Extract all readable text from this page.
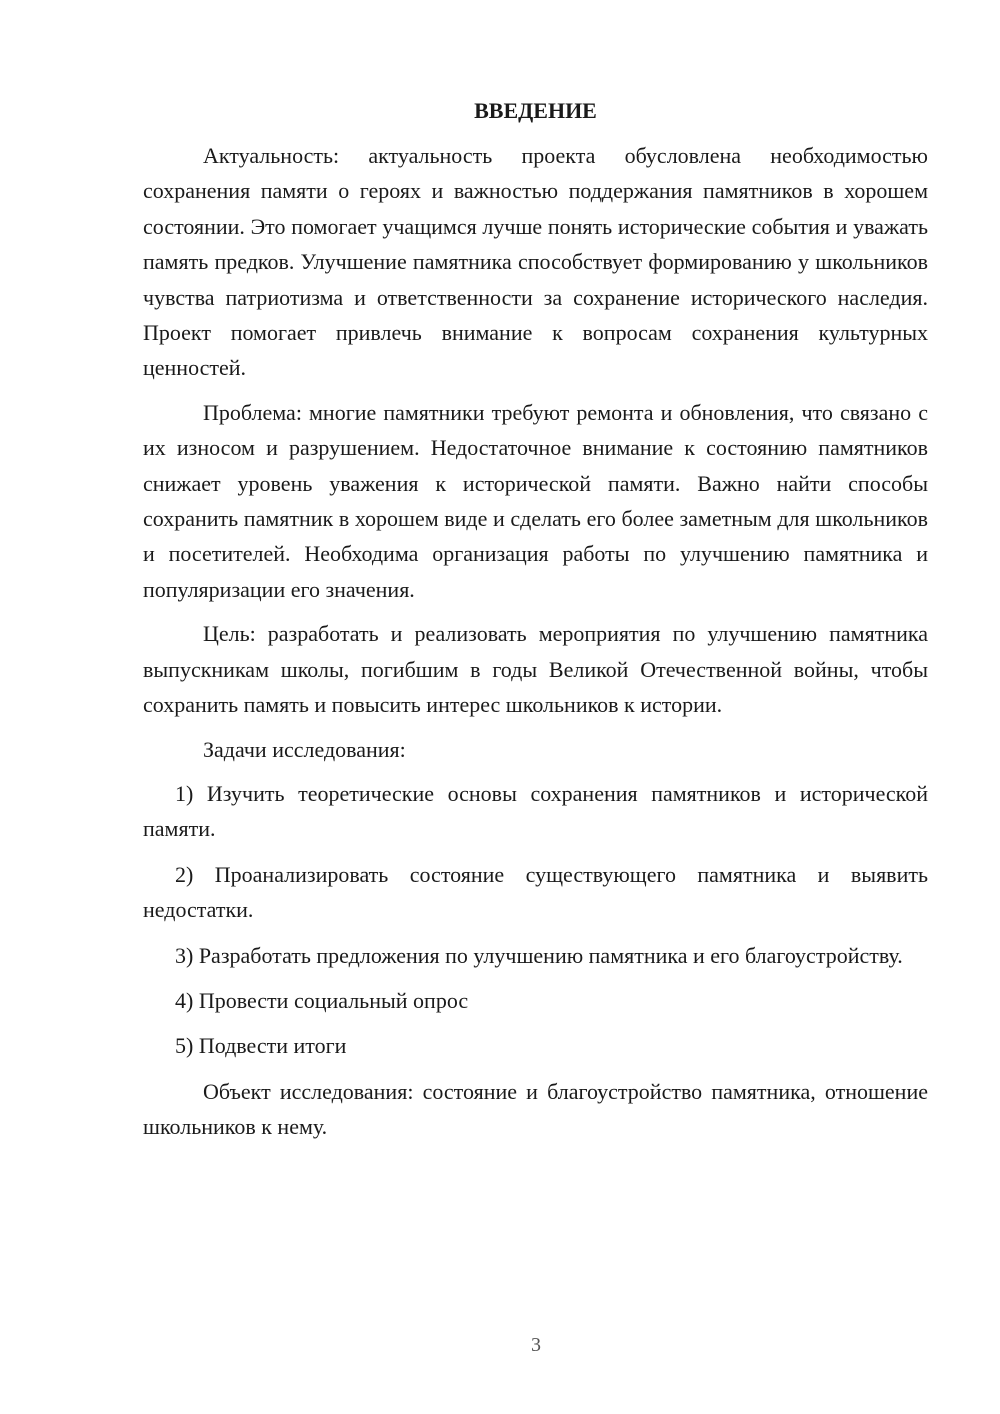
ВВЕДЕНИЕ

Актуальность: актуальность проекта обусловлена необходимостью сохранения памяти о героях и важностью поддержания памятников в хорошем состоянии. Это помогает учащимся лучше понять исторические события и уважать память предков. Улучшение памятника способствует формированию у школьников чувства патриотизма и ответственности за сохранение исторического наследия. Проект помогает привлечь внимание к вопросам сохранения культурных ценностей.

Проблема: многие памятники требуют ремонта и обновления, что связано с их износом и разрушением. Недостаточное внимание к состоянию памятников снижает уровень уважения к исторической памяти. Важно найти способы сохранить памятник в хорошем виде и сделать его более заметным для школьников и посетителей. Необходима организация работы по улучшению памятника и популяризации его значения.

Цель: разработать и реализовать мероприятия по улучшению памятника выпускникам школы, погибшим в годы Великой Отечественной войны, чтобы сохранить память и повысить интерес школьников к истории.

Задачи исследования:

1) Изучить теоретические основы сохранения памятников и исторической памяти.

2) Проанализировать состояние существующего памятника и выявить недостатки.

3) Разработать предложения по улучшению памятника и его благоустройству.

4) Провести социальный опрос

5) Подвести итоги

Объект исследования: состояние и благоустройство памятника, отношение школьников к нему.

3
